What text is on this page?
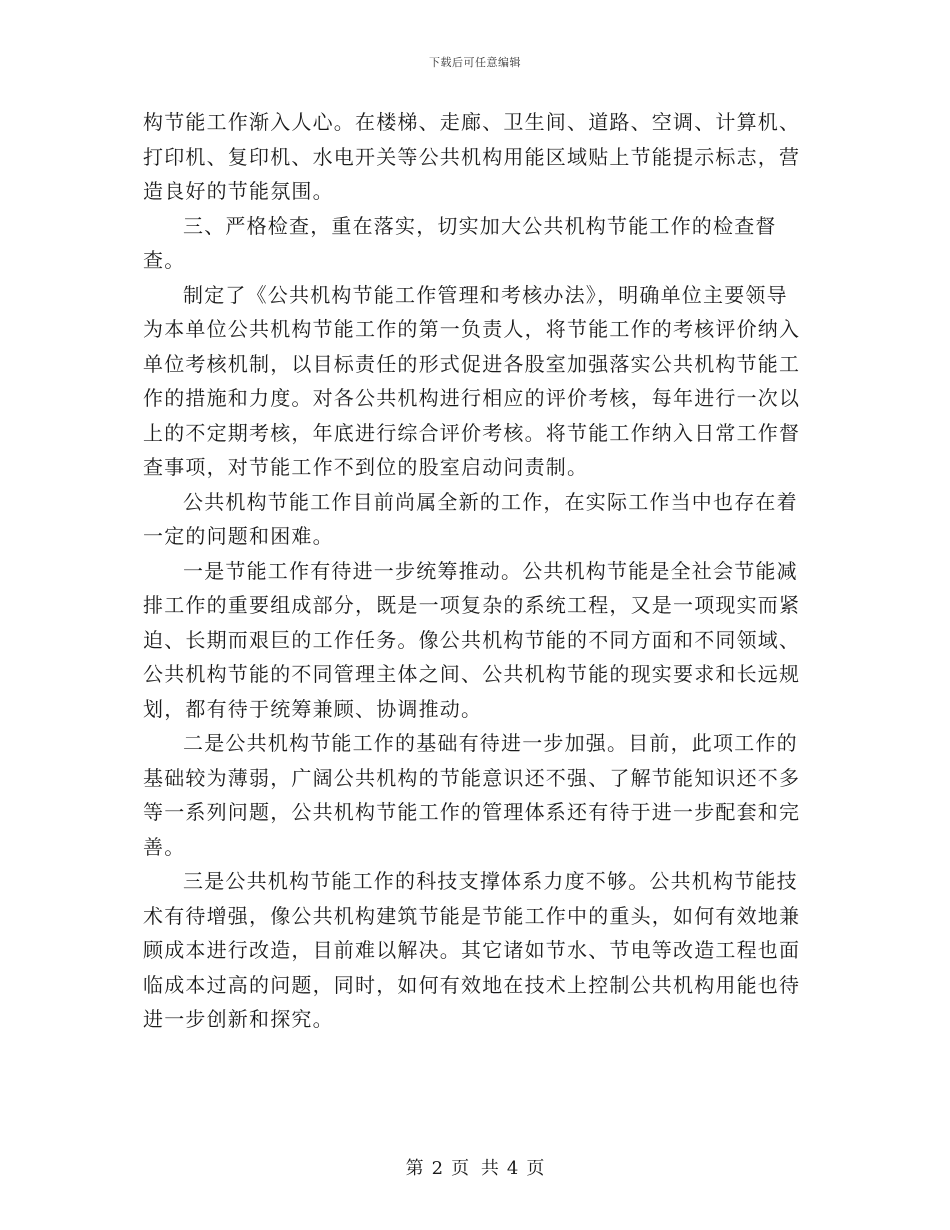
下载后可任意编辑

构节能工作渐入人心。在楼梯、走廊、卫生间、道路、空调、计算机、打印机、复印机、水电开关等公共机构用能区域贴上节能提示标志，营造良好的节能氛围。

三、严格检查，重在落实，切实加大公共机构节能工作的检查督查。

制定了《公共机构节能工作管理和考核办法》，明确单位主要领导为本单位公共机构节能工作的第一负责人，将节能工作的考核评价纳入单位考核机制，以目标责任的形式促进各股室加强落实公共机构节能工作的措施和力度。对各公共机构进行相应的评价考核，每年进行一次以上的不定期考核，年底进行综合评价考核。将节能工作纳入日常工作督查事项，对节能工作不到位的股室启动问责制。

公共机构节能工作目前尚属全新的工作，在实际工作当中也存在着一定的问题和困难。

一是节能工作有待进一步统筹推动。公共机构节能是全社会节能减排工作的重要组成部分，既是一项复杂的系统工程，又是一项现实而紧迫、长期而艰巨的工作任务。像公共机构节能的不同方面和不同领域、公共机构节能的不同管理主体之间、公共机构节能的现实要求和长远规划，都有待于统筹兼顾、协调推动。

二是公共机构节能工作的基础有待进一步加强。目前，此项工作的基础较为薄弱，广阔公共机构的节能意识还不强、了解节能知识还不多等一系列问题，公共机构节能工作的管理体系还有待于进一步配套和完善。

三是公共机构节能工作的科技支撑体系力度不够。公共机构节能技术有待增强，像公共机构建筑节能是节能工作中的重头，如何有效地兼顾成本进行改造，目前难以解决。其它诸如节水、节电等改造工程也面临成本过高的问题，同时，如何有效地在技术上控制公共机构用能也待进一步创新和探究。

第 2 页 共 4 页
